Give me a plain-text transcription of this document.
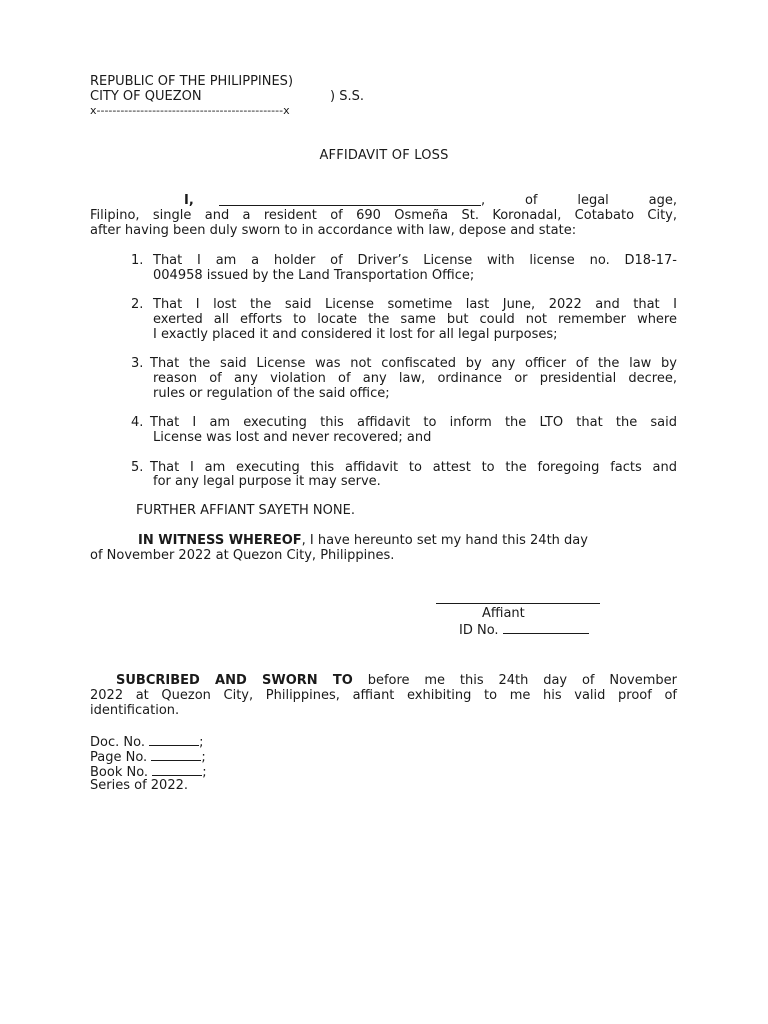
REPUBLIC OF THE PHILIPPINES)
CITY OF QUEZON	) S.S.
x-----------------------------------------------x
AFFIDAVIT OF LOSS
I,	, of legal age,
Filipino, single and a resident of 690 Osmeña St. Koronadal, Cotabato City,
after having been duly sworn to in accordance with law, depose and state:
1. That I am a holder of Driver’s License with license no. D18-17-
004958 issued by the Land Transportation Office;
2. That I lost the said License sometime last June, 2022 and that I
exerted all efforts to locate the same but could not remember where
I exactly placed it and considered it lost for all legal purposes;
3. That the said License was not confiscated by any officer of the law by
reason of any violation of any law, ordinance or presidential decree,
rules or regulation of the said office;
4. That I am executing this affidavit to inform the LTO that the said
License was lost and never recovered; and
5. That I am executing this affidavit to attest to the foregoing facts and
for any legal purpose it may serve.
FURTHER AFFIANT SAYETH NONE.
IN WITNESS WHEREOF, I have hereunto set my hand this 24th day
of November 2022 at Quezon City, Philippines.
Affiant
ID No.
SUBCRIBED AND SWORN TO before me this 24th day of November
2022 at Quezon City, Philippines, affiant exhibiting to me his valid proof of
identification.
Doc. No.	;
Page No.	;
Book No.	;
Series of 2022.
